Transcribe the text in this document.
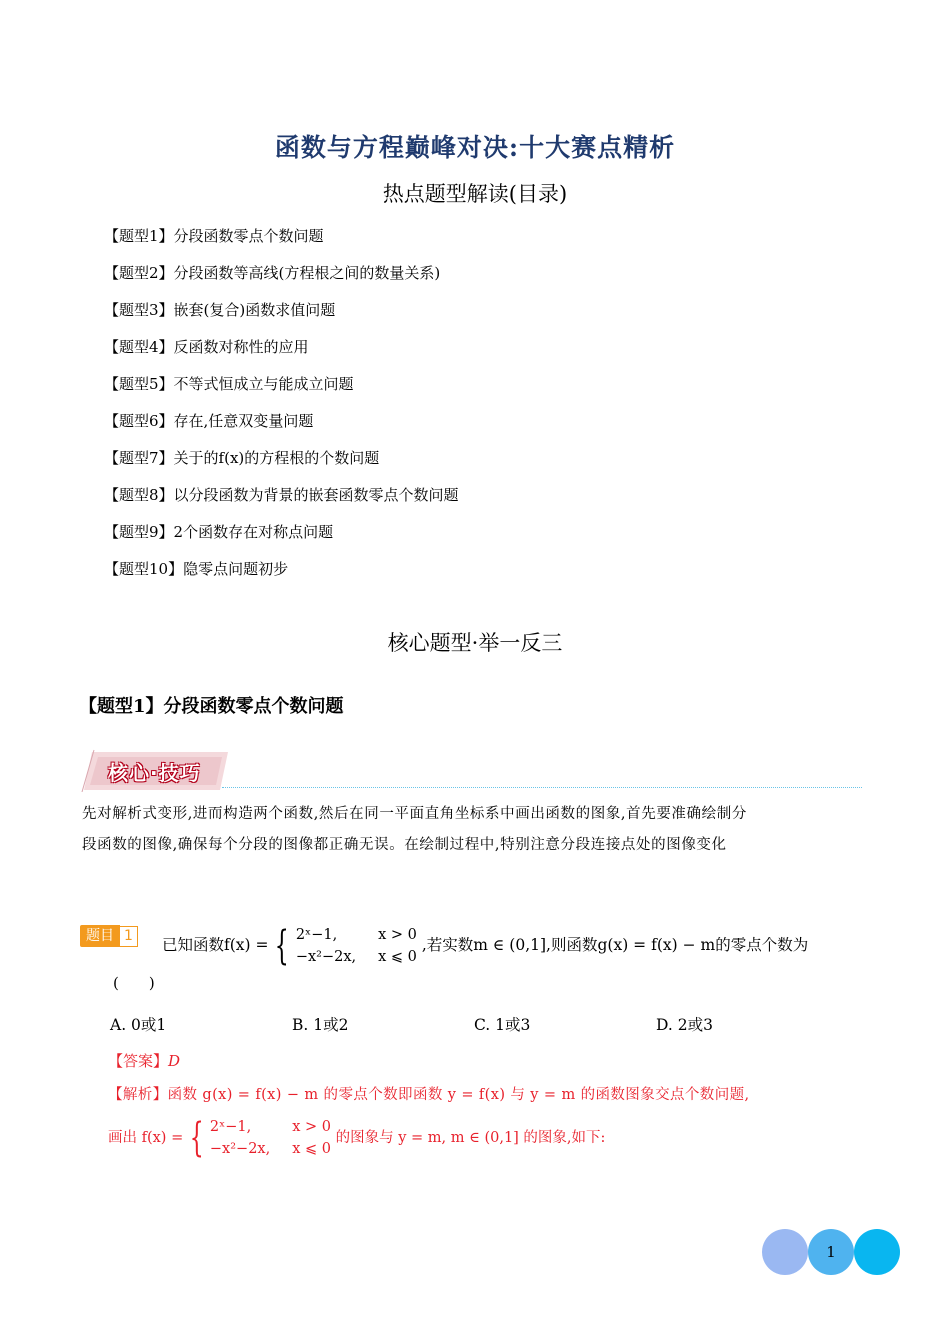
函数与方程巅峰对决:十大赛点精析
热点题型解读(目录)
【题型1】分段函数零点个数问题
【题型2】分段函数等高线(方程根之间的数量关系)
【题型3】嵌套(复合)函数求值问题
【题型4】反函数对称性的应用
【题型5】不等式恒成立与能成立问题
【题型6】存在,任意双变量问题
【题型7】关于的f(x)的方程根的个数问题
【题型8】以分段函数为背景的嵌套函数零点个数问题
【题型9】2个函数存在对称点问题
【题型10】隐零点问题初步
核心题型·举一反三
【题型1】分段函数零点个数问题
核心·技巧
先对解析式变形,进而构造两个函数,然后在同一平面直角坐标系中画出函数的图象,首先要准确绘制分
段函数的图像,确保每个分段的图像都正确无误。在绘制过程中,特别注意分段连接点处的图像变化
题目 1	已知函数f(x) = { 2ˣ−1,	x > 0
−x²−2x,	x ⩽ 0 ,若实数m ∈ (0,1],则函数g(x) = f(x) − m的零点个数为
(　　)
A. 0或1	B. 1或2	C. 1或3	D. 2或3
【答案】D
【解析】函数 g(x) = f(x) − m 的零点个数即函数 y = f(x) 与 y = m 的函数图象交点个数问题,
画出 f(x) = { 2ˣ−1,	x > 0
−x²−2x,	x ⩽ 0 的图象与 y = m, m ∈ (0,1] 的图象,如下:
1
